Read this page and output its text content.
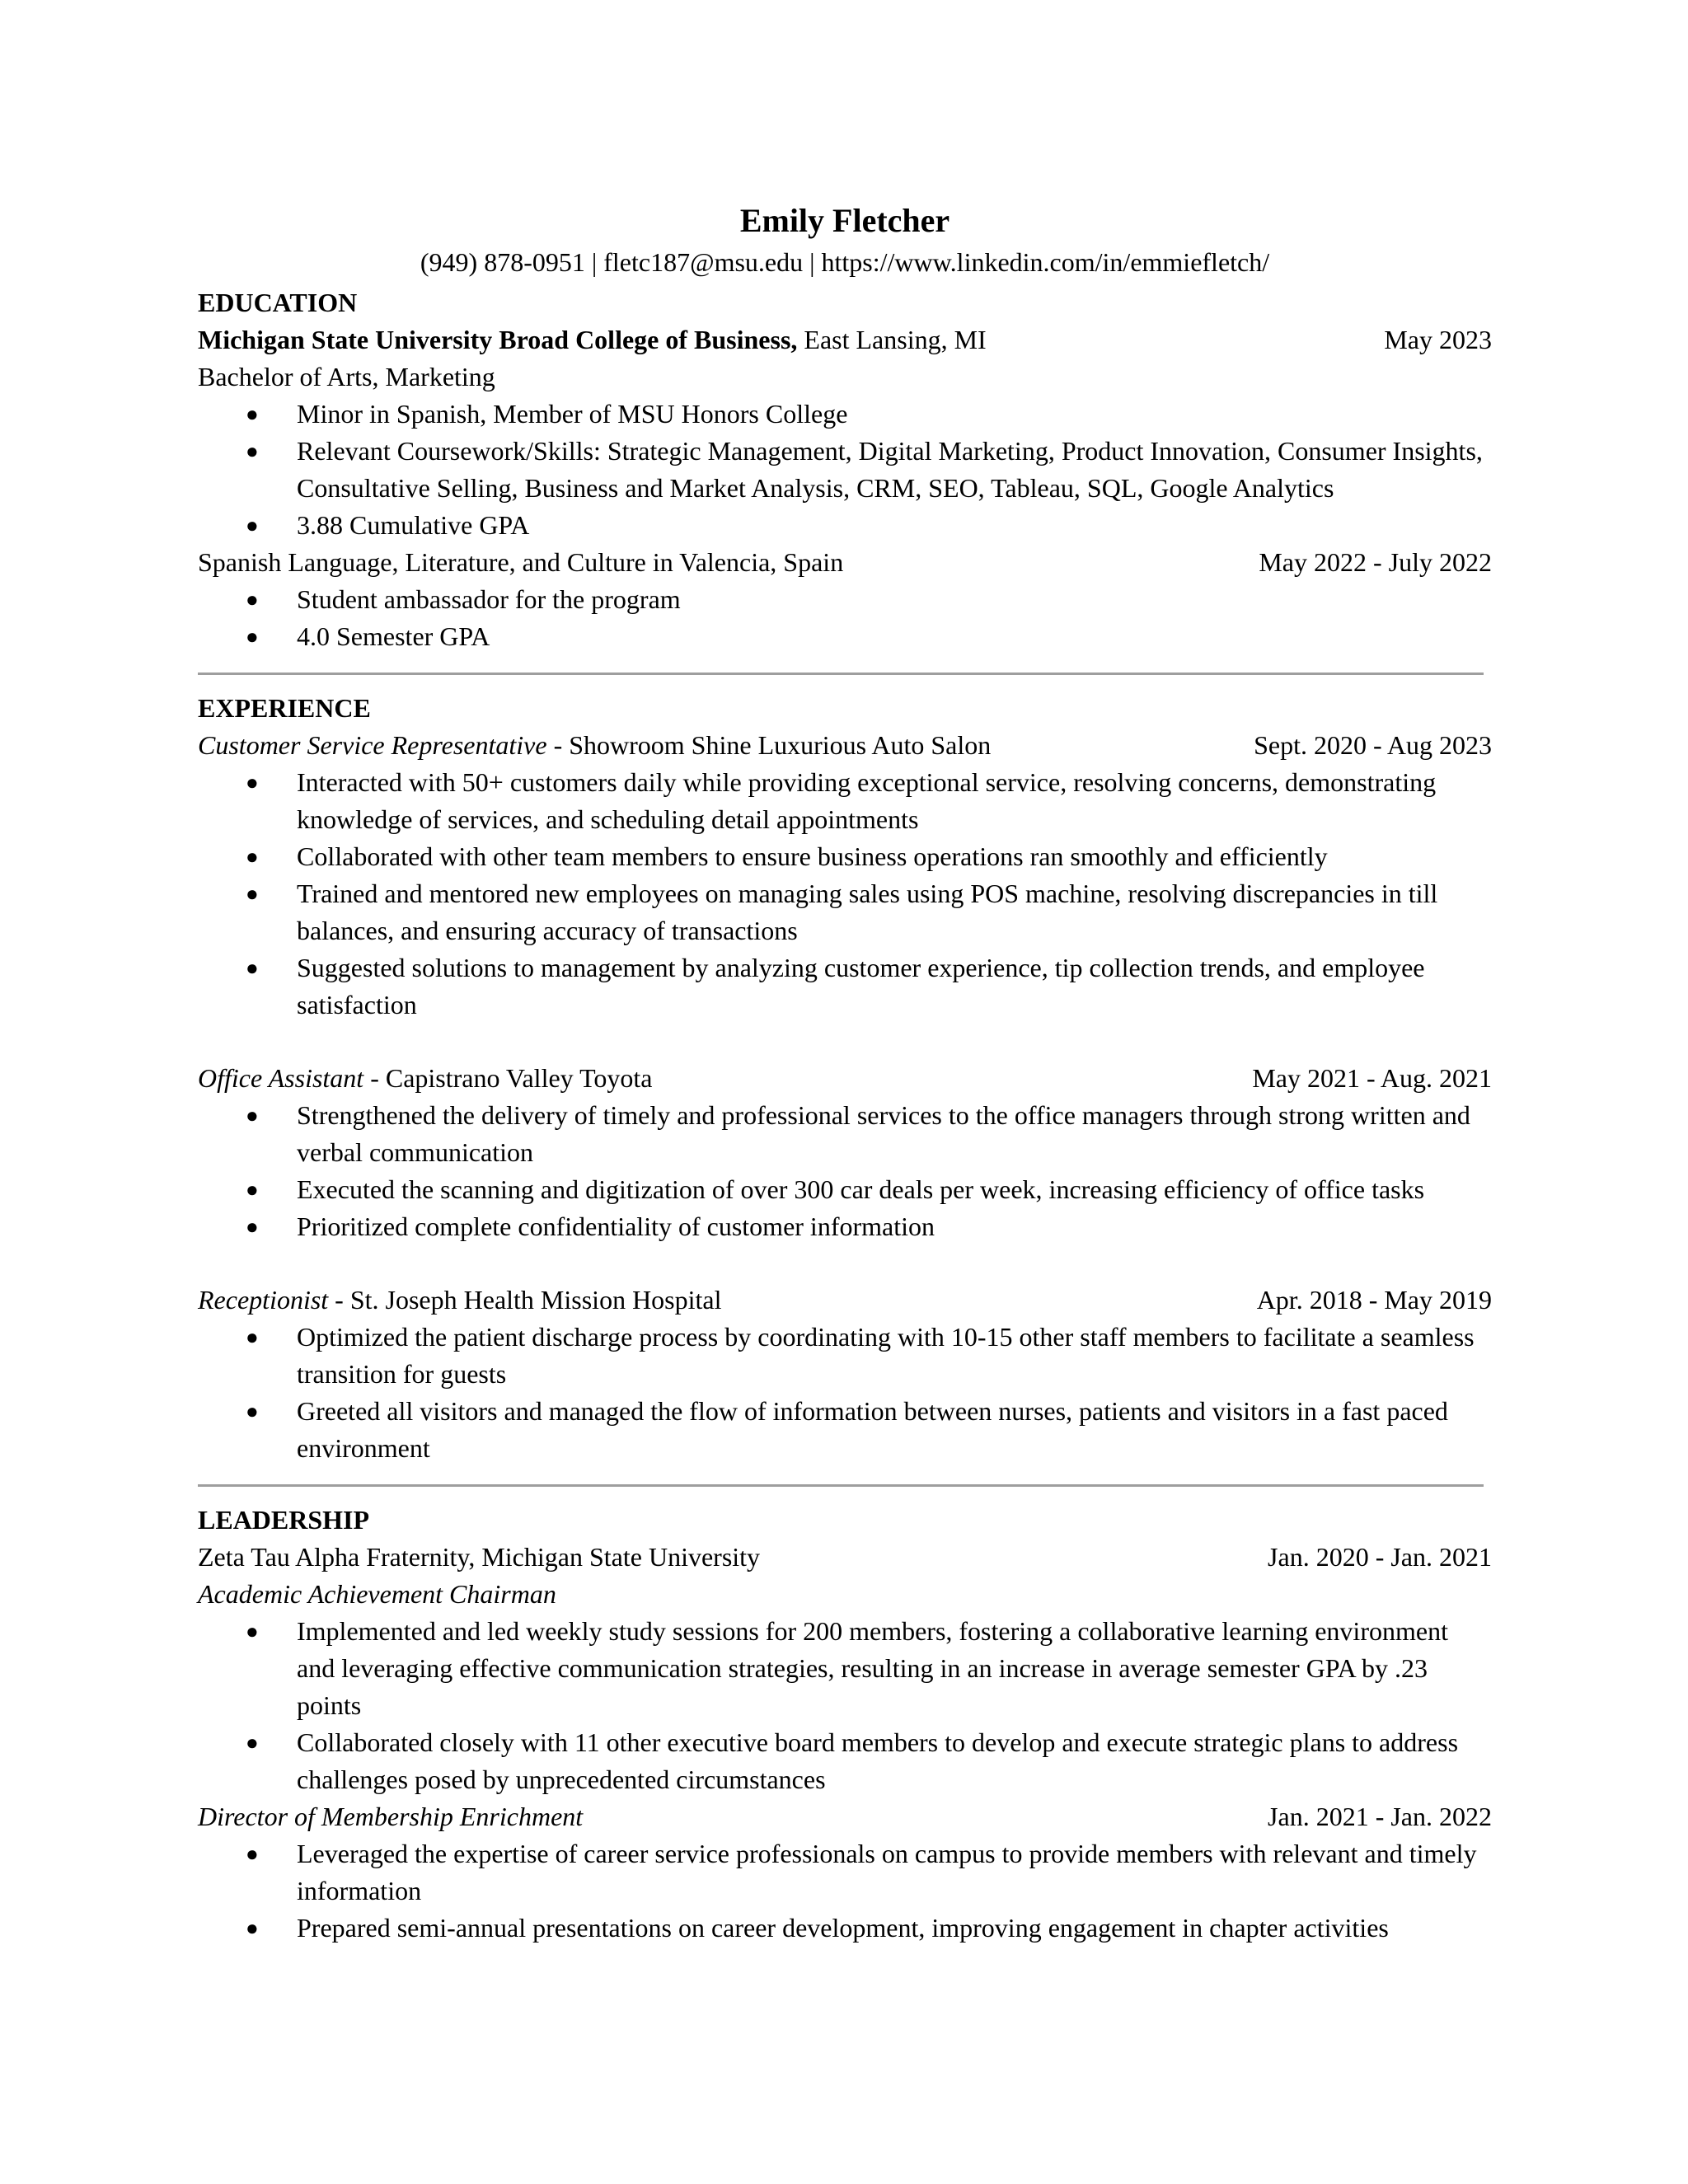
Emily Fletcher
(949) 878-0951 | fletc187@msu.edu | https://www.linkedin.com/in/emmiefletch/
EDUCATION
Michigan State University Broad College of Business, East Lansing, MI	May 2023
Bachelor of Arts, Marketing
● Minor in Spanish, Member of MSU Honors College
● Relevant Coursework/Skills: Strategic Management, Digital Marketing, Product Innovation, Consumer Insights, Consultative Selling, Business and Market Analysis, CRM, SEO, Tableau, SQL, Google Analytics
● 3.88 Cumulative GPA
Spanish Language, Literature, and Culture in Valencia, Spain	May 2022 - July 2022
● Student ambassador for the program
● 4.0 Semester GPA
EXPERIENCE
Customer Service Representative - Showroom Shine Luxurious Auto Salon	Sept. 2020 - Aug 2023
● Interacted with 50+ customers daily while providing exceptional service, resolving concerns, demonstrating knowledge of services, and scheduling detail appointments
● Collaborated with other team members to ensure business operations ran smoothly and efficiently
● Trained and mentored new employees on managing sales using POS machine, resolving discrepancies in till balances, and ensuring accuracy of transactions
● Suggested solutions to management by analyzing customer experience, tip collection trends, and employee satisfaction
Office Assistant - Capistrano Valley Toyota	May 2021 - Aug. 2021
● Strengthened the delivery of timely and professional services to the office managers through strong written and verbal communication
● Executed the scanning and digitization of over 300 car deals per week, increasing efficiency of office tasks
● Prioritized complete confidentiality of customer information
Receptionist - St. Joseph Health Mission Hospital	Apr. 2018 - May 2019
● Optimized the patient discharge process by coordinating with 10-15 other staff members to facilitate a seamless transition for guests
● Greeted all visitors and managed the flow of information between nurses, patients and visitors in a fast paced environment
LEADERSHIP
Zeta Tau Alpha Fraternity, Michigan State University	Jan. 2020 - Jan. 2021
Academic Achievement Chairman
● Implemented and led weekly study sessions for 200 members, fostering a collaborative learning environment and leveraging effective communication strategies, resulting in an increase in average semester GPA by .23 points
● Collaborated closely with 11 other executive board members to develop and execute strategic plans to address challenges posed by unprecedented circumstances
Director of Membership Enrichment	Jan. 2021 - Jan. 2022
● Leveraged the expertise of career service professionals on campus to provide members with relevant and timely information
● Prepared semi-annual presentations on career development, improving engagement in chapter activities
